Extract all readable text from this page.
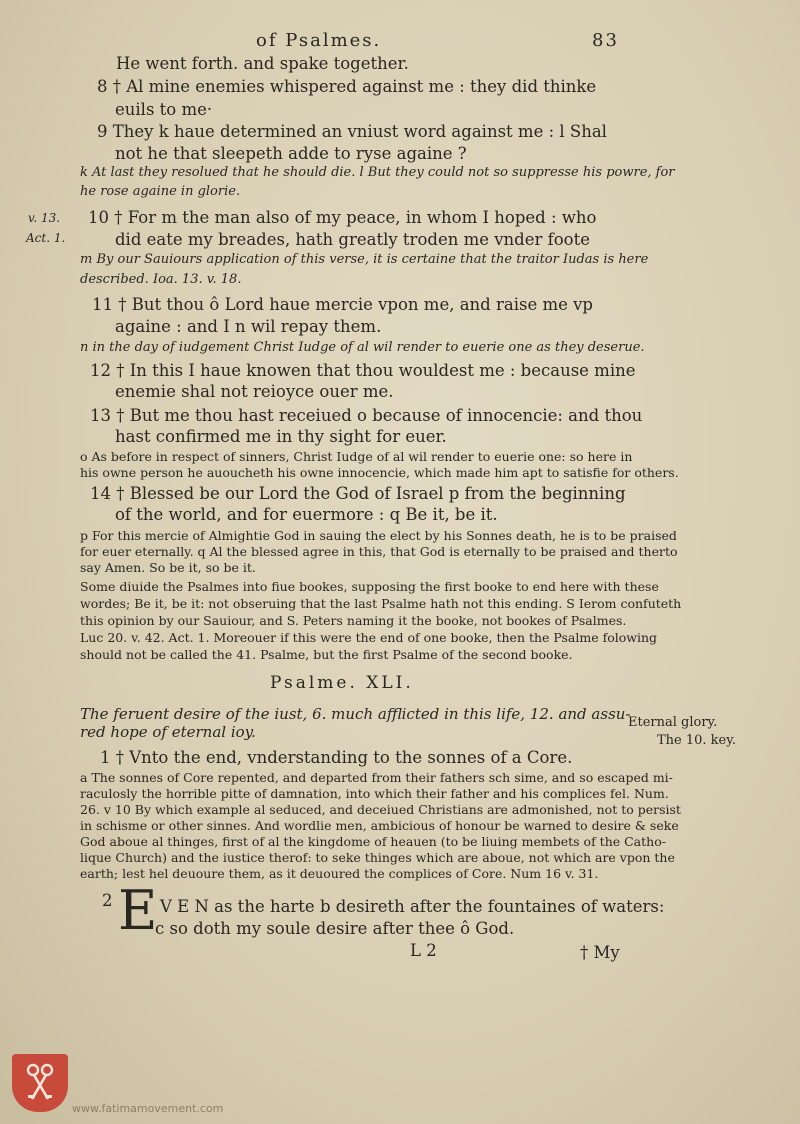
of Psalmes.	83
He went forth. and spake together.
8 † Al mine enemies whispered against me : they did thinke
euils to me·
9 They k haue determined an vniust word against me : l Shal
not he that sleepeth adde to ryse againe ?
k At last they resolued that he should die. l But they could not so suppresse his powre, for
he rose againe in glorie.
v. 13.
Act. 1.
10 † For m the man also of my peace, in whom I hoped : who
did eate my breades, hath greatly troden me vnder foote
m By our Sauiours application of this verse, it is certaine that the traitor Iudas is here
described. Ioa. 13. v. 18.
11 † But thou ô Lord haue mercie vpon me, and raise me vp
againe : and I n wil repay them.
n in the day of iudgement Christ Iudge of al wil render to euerie one as they deserue.
12 † In this I haue knowen that thou wouldest me : because mine
enemie shal not reioyce ouer me.
13 † But me thou hast receiued o because of innocencie: and thou
hast confirmed me in thy sight for euer.
o As before in respect of sinners, Christ Iudge of al wil render to euerie one: so here in
his owne person he auoucheth his owne innocencie, which made him apt to satisfie for others.
14 † Blessed be our Lord the God of Israel p from the beginning
of the world, and for euermore : q Be it, be it.
p For this mercie of Almightie God in sauing the elect by his Sonnes death, he is to be praised
for euer eternally. q Al the blessed agree in this, that God is eternally to be praised and therto
say Amen. So be it, so be it.
Some diuide the Psalmes into fiue bookes, supposing the first booke to end here with these
wordes; Be it, be it: not obseruing that the last Psalme hath not this ending. S Ierom confuteth
this opinion by our Sauiour, and S. Peters naming it the booke, not bookes of Psalmes.
Luc 20. v. 42. Act. 1. Moreouer if this were the end of one booke, then the Psalme folowing
should not be called the 41. Psalme, but the first Psalme of the second booke.
Psalme. XLI.
The feruent desire of the iust, 6. much afflicted in this life, 12. and assu-
red hope of eternal ioy.
Eternal glory.
The 10. key.
1 † Vnto the end, vnderstanding to the sonnes of a Core.
a The sonnes of Core repented, and departed from their fathers sch sime, and so escaped mi-
raculosly the horrible pitte of damnation, into which their father and his complices fel. Num.
26. v 10 By which example al seduced, and deceiued Christians are admonished, not to persist
in schisme or other sinnes. And wordlie men, ambicious of honour be warned to desire & seke
God aboue al thinges, first of al the kingdome of heauen (to be liuing membets of the Catho-
lique Church) and the iustice therof: to seke thinges which are aboue, not which are vpon the
earth; lest hel deuoure them, as it deuoured the complices of Core. Num 16 v. 31.
2 E V E N as the harte b desireth after the fountaines of waters:
c so doth my soule desire after thee ô God.
L 2	† My
www.fatimamovement.com
